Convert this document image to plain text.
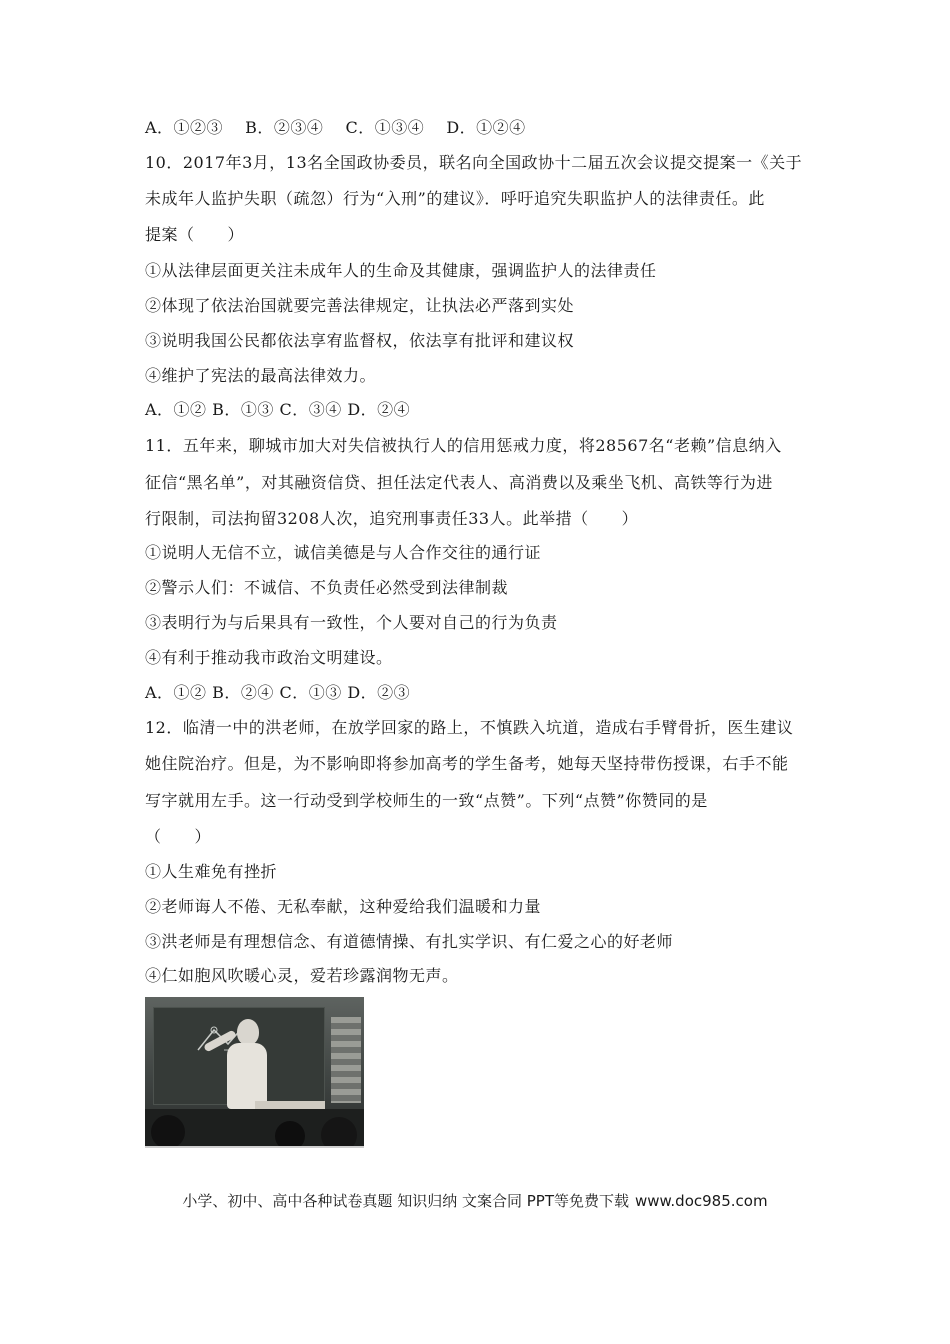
A．①②③　 B．②③④　 C．①③④　 D．①②④
10．2017年3月，13名全国政协委员，联名向全国政协十二届五次会议提交提案一《关于
未成年人监护失职（疏忽）行为“入刑”的建议》．呼吁追究失职监护人的法律责任。此
提案（　　）
①从法律层面更关注未成年人的生命及其健康，强调监护人的法律责任
②体现了依法治国就要完善法律规定，让执法必严落到实处
③说明我国公民都依法享宥监督权，依法享有批评和建议权
④维护了宪法的最高法律效力。
A．①② B．①③ C．③④ D．②④
11．五年来，聊城市加大对失信被执行人的信用惩戒力度，将28567名“老赖”信息纳入
征信“黑名单”，对其融资信贷、担任法定代表人、高消费以及乘坐飞机、高铁等行为进
行限制，司法拘留3208人次，追究刑事责任33人。此举措（　　）
①说明人无信不立，诚信美德是与人合作交往的通行证
②警示人们：不诚信、不负责任必然受到法律制裁
③表明行为与后果具有一致性，个人要对自己的行为负责
④有利于推动我市政治文明建设。
A．①② B．②④ C．①③ D．②③
12．临清一中的洪老师，在放学回家的路上，不慎跌入坑道，造成右手臂骨折，医生建议
她住院治疗。但是，为不影响即将参加高考的学生备考，她每天坚持带伤授课，右手不能
写字就用左手。这一行动受到学校师生的一致“点赞”。下列“点赞”你赞同的是
（　　）
①人生难免有挫折
②老师诲人不倦、无私奉献，这种爱给我们温暖和力量
③洪老师是有理想信念、有道德情操、有扎实学识、有仁爱之心的好老师
④仁如胞风吹暖心灵，爱若珍露润物无声。
小学、初中、高中各种试卷真题 知识归纳 文案合同 PPT等免费下载 www.doc985.com
